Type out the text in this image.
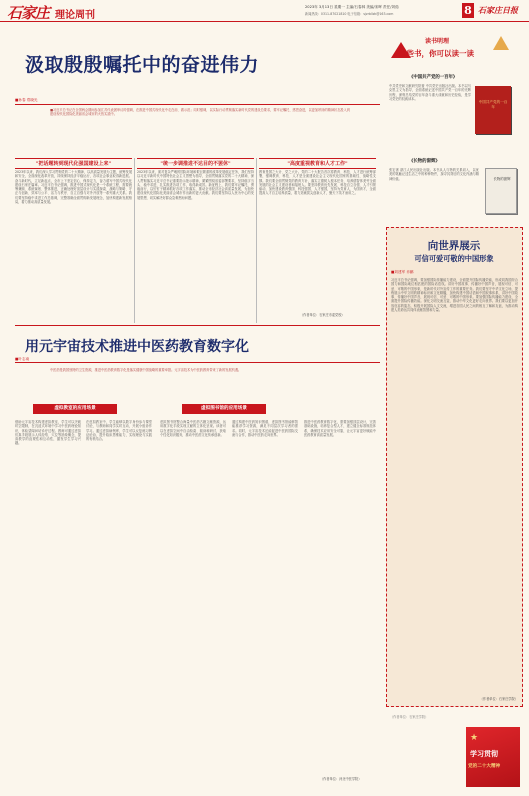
石家庄 理论周刊
2023年 3月13日 星期一 主编/石春林 美编/宋晖 责任/刘茹
新闻热线：0311-87021810 电子信箱：sjzrbllzk@163.com	8 石家庄日报
汲取殷殷嘱托中的奋进伟力
■孙春 郑晓光
■习近平总书记在全国两会期间参加江苏代表团审议时强调，在推进中国式现代化中走在前、做示范；同时强调，以实际行动贯彻落实新时代党的建设总要求，要牢记嘱托、感恩奋进，以更加昂扬的精神状态投入到建设现代化国际化美丽省会城市的火热实践中。
"把话题转到现代化强国建设上来"
2023年以来，我们深入学习贯彻党的二十大精神，以高质量发展为主题，统筹发展和安全，全面深化改革开放，持续保持经济平稳运行，各项社会事业取得新进展。奋斗新时代，立足新起点，全市上下坚定信心、保持定力，奋力谱写中国式现代化建设石家庄篇章。习近平总书记强调，推进中国式现代化是一个系统工程，需要统筹兼顾、系统谋划、整体推进，正确处理好顶层设计与实践探索、战略与策略、守正与创新、效率与公平、活力与秩序、自立自强与对外开放等一系列重大关系。我们要坚持稳中求进工作总基调，完整准确全面贯彻新发展理念，加快构建新发展格局，着力推动高质量发展。
"统一步调推进不达目的不罢休"
2023年以来，面对复杂严峻的国际环境和艰巨繁重的改革发展稳定任务，我们坚持以习近平新时代中国特色社会主义思想为指导，全面贯彻落实党的二十大精神，深入贯彻落实习近平总书记重要指示批示精神，紧紧围绕省委部署要求，坚持稳字当头、稳中求进，扎实推进各项工作，取得新成效。新征程上，我们要牢记嘱托，勇毅前行，以钉钉子精神抓好各项工作落实，推动全市经济社会高质量发展，为加快建设现代化国际化美丽省会城市作出新的更大贡献。我们要坚持以人民为中心的发展思想，切实解决好群众急难愁盼问题。
"高度重视教育和人才工作"
教育是国之大计、党之大计。党的二十大报告首次将教育、科技、人才进行统筹部署，强调教育、科技、人才是全面建设社会主义现代化国家的基础性、战略性支撑。我们要全面贯彻党的教育方针，落实立德树人根本任务，培养德智体美劳全面发展的社会主义建设者和接班人。要坚持教育优先发展、科技自立自强、人才引领驱动，加快建设教育强国、科技强国、人才强国，坚持为党育人、为国育才，全面提高人才自主培养质量，着力造就拔尖创新人才，聚天下英才而用之。
（作者单位：石家庄市委党校）
用元宇宙技术推进中医药教育数字化
■叶志南
中医药是我国独特的卫生资源，推进中医药教育数字化是落实健康中国战略的重要举措。元宇宙技术为中医药教育带来了新的发展机遇。
虚拟教室的应用场景	虚拟图书馆的应用场景
借助元宇宙技术构建虚拟教室，学生可以突破时空限制，在沉浸式环境中学习中医药理论知识，体验望闻问切诊疗过程。教师可通过虚拟仿真手段展示人体经络、穴位等抽象概念，提高教学的直观性和互动性，激发学生学习兴趣。
在虚拟教室中，学生能够以数字身份参与课堂讨论，与教师和同学实时互动，开展小组协作学习。通过虚拟病例库，学生可以反复练习辨证论治，提升临床思维能力，实现理论与实践的有机结合。
虚拟图书馆整合海量中医药古籍文献资源，运用数字化手段实现文献的立体化呈现。读者可以在虚拟空间中自由检索、阅读和研讨，获取个性化知识服务，推动中医药文化传承创新。
通过构建中医药知识图谱，虚拟图书馆能够智能推荐学习资源，满足不同层次学习者的需求。同时，元宇宙技术还能促进中医药国际交流与合作，推动中医药走向世界。
推进中医药教育数字化，需要加强顶层设计，完善基础设施，培养复合型人才，建立健全标准规范体系，确保技术应用安全可靠，让元宇宙更好赋能中医药教育高质量发展。
（作者单位：河北中医学院）
读书明理
这些书，你可以读一读
《中国共产党的一百年》
中共党史和文献研究院著 中共党史出版社出版。本书以马克思主义为指导，全面系统记述中国共产党一百年的光辉历程，深刻总结党的百年奋斗重大成就和历史经验，是学习党史的权威读本。
中国共产党的一百年
《长物的窗辉》
张宏著 浙江人民出版社出版。本书从人与物的关系切入，以优美的笔触记述生活之中的种种物件，探寻其背后的文化内涵与精神价值。	长物的窗辉
向世界展示
可信可爱可敬的中国形象
■刘建军 乔鹏
习近平总书记强调，要加强国际传播能力建设，全面提升国际传播效能，形成同我国综合国力和国际地位相匹配的国际话语权。讲好中国故事、传播好中国声音，展现可信、可爱、可敬的中国形象，是新时代对外宣传工作的重要任务。我们要坚守中华文化立场，提炼展示中华文明的精神标识和文化精髓，加快构建中国话语和中国叙事体系，讲好中国故事、传播好中国声音，展现可信、可爱、可敬的中国形象。要加强国际传播能力建设，全面提升国际传播效能。深化文明交流互鉴，推动中华文化更好走向世界。我们要以更加开放包容的姿态，积极开展国际人文交流，增进各国人民之间的相互了解和友谊，为推动构建人类命运共同体贡献智慧和力量。
（作者单位：石家庄学院）
（作者单位：石家庄学院）
★
学习贯彻
党的二十大精神
